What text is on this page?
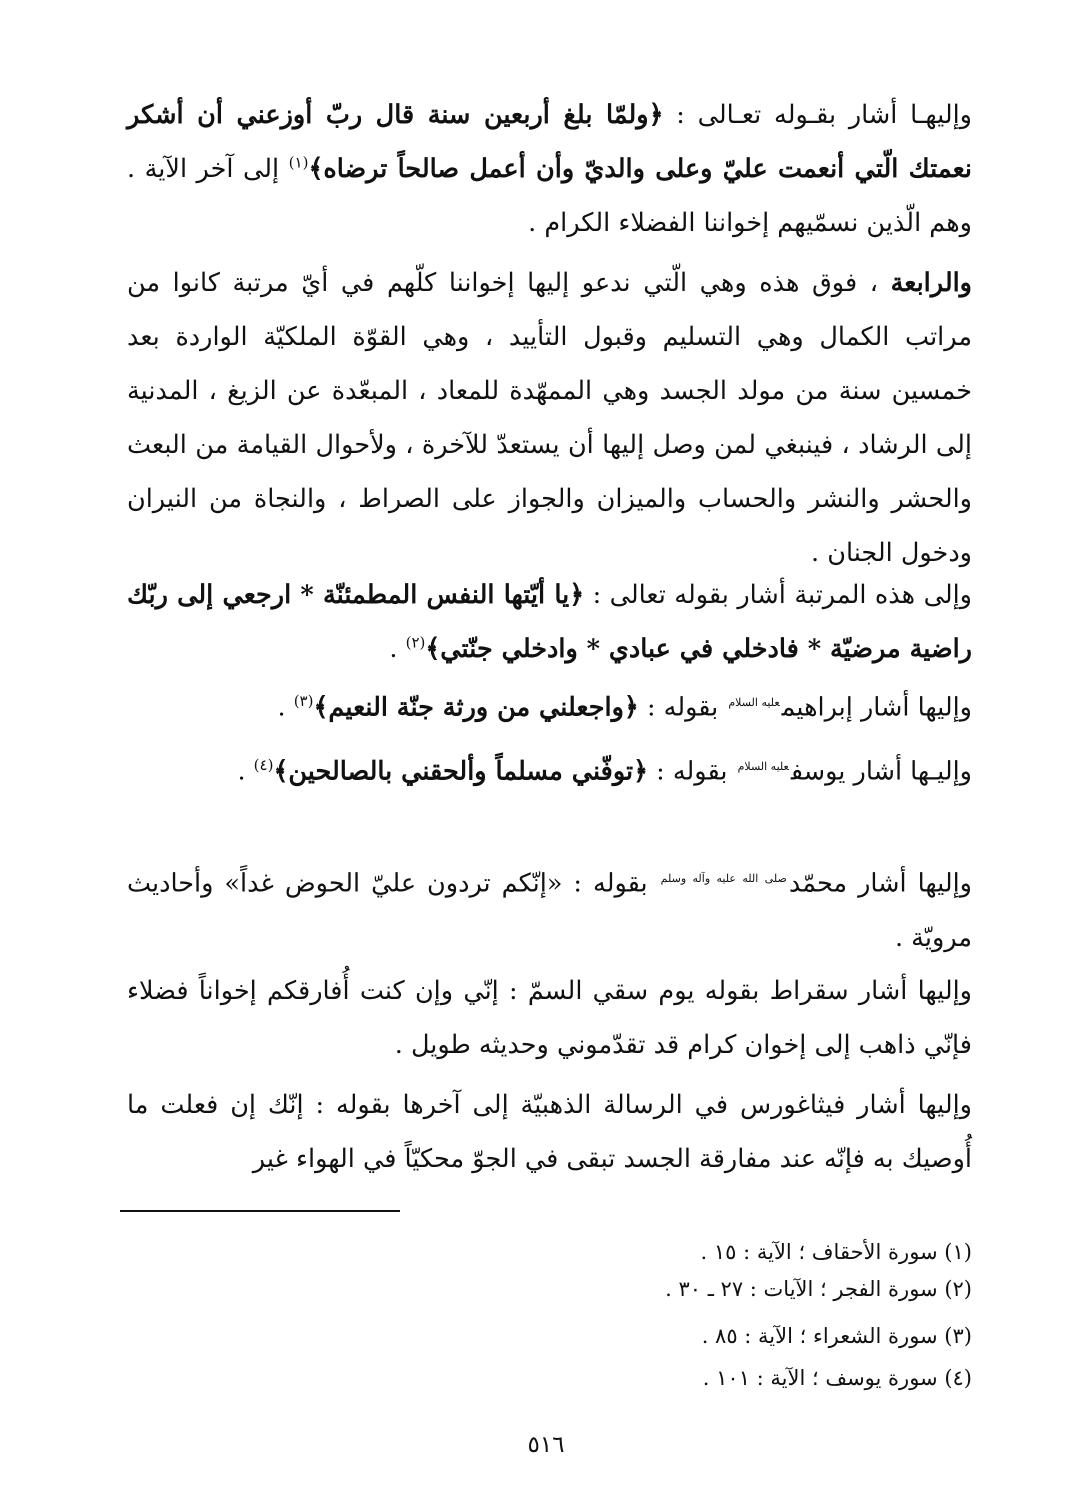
وإليهـا أشار بقـوله تعـالى : ﴿ولمّا بلغ أربعين سنة قال ربّ أوزعني أن أشكر نعمتك الّتي أنعمت عليّ وعلى والديّ وأن أعمل صالحاً ترضاه﴾$^{(١)}$ إلى آخر الآية . وهم الّذين نسمّيهم إخواننا الفضلاء الكرام .

والرابعة ، فوق هذه وهي الّتي ندعو إليها إخواننا كلّهم في أيّ مرتبة كانوا من مراتب الكمال وهي التسليم وقبول التأييد ، وهي القوّة الملكيّة الواردة بعد خمسين سنة من مولد الجسد وهي الممهّدة للمعاد ، المبعّدة عن الزيغ ، المدنية إلى الرشاد ، فينبغي لمن وصل إليها أن يستعدّ للآخرة ، ولأحوال القيامة من البعث والحشر والنشر والحساب والميزان والجواز على الصراط ، والنجاة من النيران ودخول الجنان .

وإلى هذه المرتبة أشار بقوله تعالى : ﴿يا أيّتها النفس المطمئنّة * ارجعي إلى ربّك راضية مرضيّة * فادخلي في عبادي * وادخلي جنّتي﴾$^{(٢)}$ .

وإليها أشار إبراهيم$^{عليه السلام}$ بقوله : ﴿واجعلني من ورثة جنّة النعيم﴾$^{(٣)}$ .

وإليـها أشار يوسف$^{عليه السلام}$ بقوله : ﴿توفّني مسلماً وألحقني بالصالحين﴾$^{(٤)}$ .

وإليها أشار محمّد$^{صلى الله عليه وآله وسلم}$ بقوله : «إنّكم تردون عليّ الحوض غداً» وأحاديث مرويّة .

وإليها أشار سقراط بقوله يوم سقي السمّ : إنّي وإن كنت أُفارقكم إخواناً فضلاء فإنّي ذاهب إلى إخوان كرام قد تقدّموني وحديثه طويل .

وإليها أشار فيثاغورس في الرسالة الذهبيّة إلى آخرها بقوله : إنّك إن فعلت ما أُوصيك به فإنّه عند مفارقة الجسد تبقى في الجوّ محكيّاً في الهواء غير

(١) سورة الأحقاف ؛ الآية : ١٥ .

(٢) سورة الفجر ؛ الآيات : ٢٧ ـ ٣٠ .

(٣) سورة الشعراء ؛ الآية : ٨٥ .

(٤) سورة يوسف ؛ الآية : ١٠١ .

٥١٦
